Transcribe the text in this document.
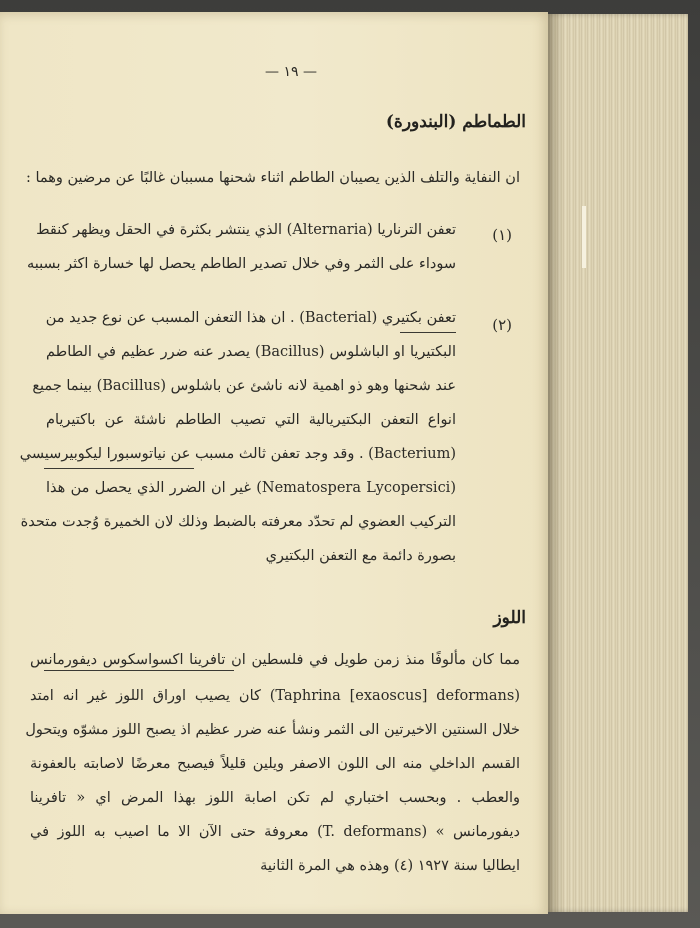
— ١٩ —
الطماطم (البندورة)
ان النفاية والتلف الذين يصيبان الطاطم اثناء شحنها مسببان غالبًا عن مرضين وهما :
(١)
تعفن الترناريا (Alternaria) الذي ينتشر بكثرة في الحقل ويظهر كنقط
سوداء على الثمر وفي خلال تصدير الطاطم يحصل لها خسارة اكثر بسببه
(٢)
تعفن بكتيري (Bacterial) . ان هذا التعفن المسبب عن نوع جديد من
البكتيريا او الباشلوس (Bacillus) يصدر عنه ضرر عظيم في الطاطم
عند شحنها وهو ذو اهمية لانه ناشئ عن باشلوس (Bacillus) بينما جميع
انواع التعفن البكتيريالية التي تصيب الطاطم ناشئة عن باكتيريام
(Bacterium) . وقد وجد تعفن ثالث مسبب عن نياتوسبورا ليكوبيرسيسي
(Nematospera Lycopersici) غير ان الضرر الذي يحصل من هذا
التركيب العضوي لم تحدّد معرفته بالضبط وذلك لان الخميرة وُجدت متحدة
بصورة دائمة مع التعفن البكتيري
اللوز
مما كان مألوفًا منذ زمن طويل في فلسطين ان تافرينا اكسواسكوس ديفورمانس
(Taphrina [exaoscus] deformans) كان يصيب اوراق اللوز غير انه امتد
خلال السنتين الاخيرتين الى الثمر ونشأ عنه ضرر عظيم اذ يصبح اللوز مشوّه ويتحول
القسم الداخلي منه الى اللون الاصفر ويلين قليلاً فيصبح معرضًا لاصابته بالعفونة
والعطب . وبحسب اختباري لم تكن اصابة اللوز بهذا المرض اي « تافرينا
ديفورمانس » (T. deformans) معروفة حتى الآن الا ما اصيب به اللوز في
ايطاليا سنة ١٩٢٧ (٤) وهذه هي المرة الثانية
